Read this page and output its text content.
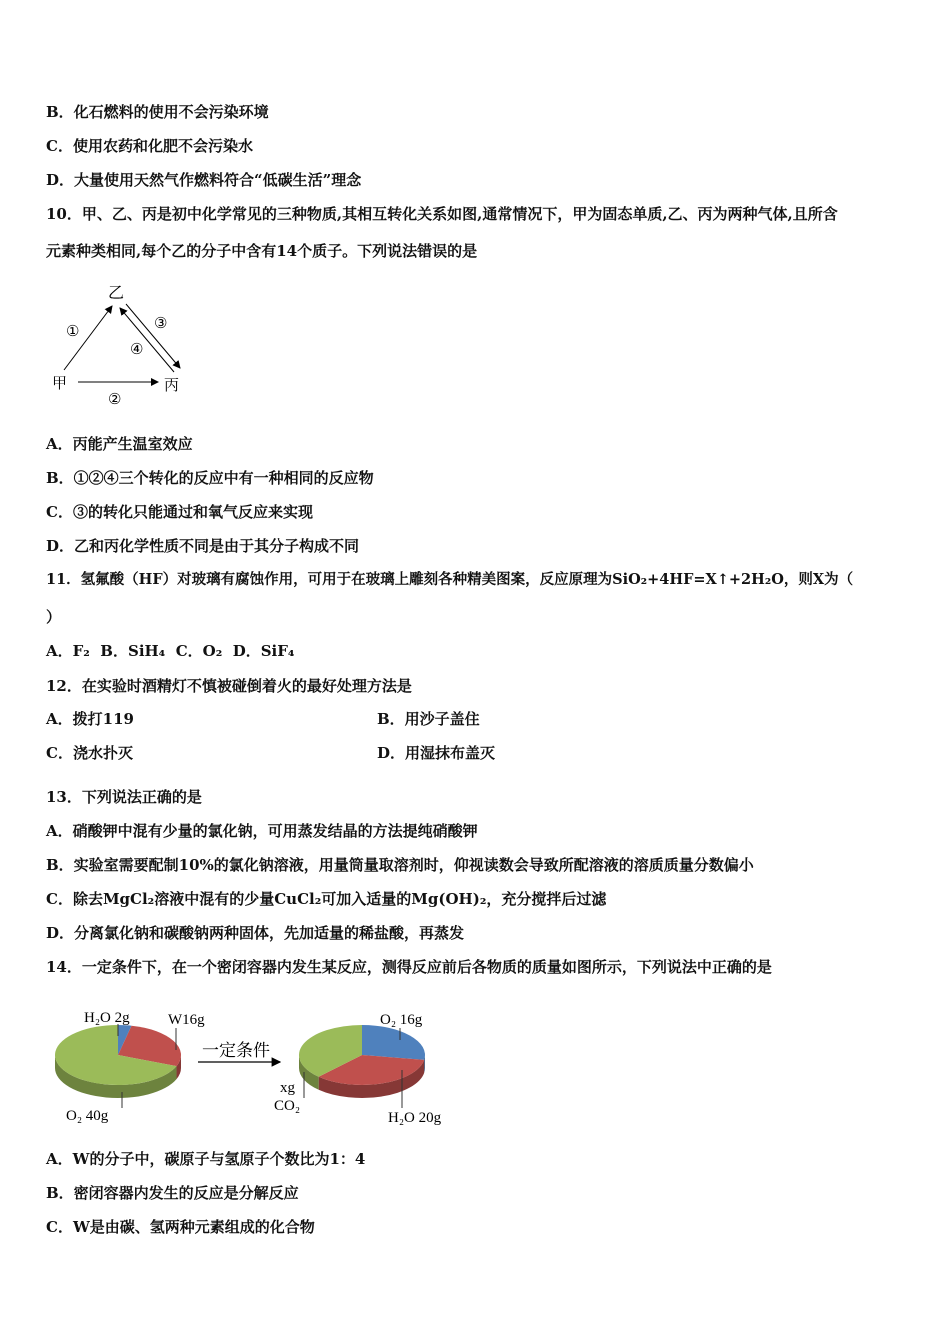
B．化石燃料的使用不会污染环境
C．使用农药和化肥不会污染水
D．大量使用天然气作燃料符合“低碳生活”理念
10．甲、乙、丙是初中化学常见的三种物质,其相互转化关系如图,通常情况下，甲为固态单质,乙、丙为两种气体,且所含
元素种类相同,每个乙的分子中含有14个质子。下列说法错误的是
乙
甲	丙
①	③
④
②
A．丙能产生温室效应
B．①②④三个转化的反应中有一种相同的反应物
C．③的转化只能通过和氧气反应来实现
D．乙和丙化学性质不同是由于其分子构成不同
11．氢氟酸（HF）对玻璃有腐蚀作用，可用于在玻璃上雕刻各种精美图案，反应原理为SiO₂+4HF=X↑+2H₂O，则X为（
）
A．F₂  B．SiH₄  C．O₂  D．SiF₄
12．在实验时酒精灯不慎被碰倒着火的最好处理方法是
A．拨打119	B．用沙子盖住
C．浇水扑灭	D．用湿抹布盖灭
13．下列说法正确的是
A．硝酸钾中混有少量的氯化钠，可用蒸发结晶的方法提纯硝酸钾
B．实验室需要配制10%的氯化钠溶液，用量筒量取溶剂时，仰视读数会导致所配溶液的溶质质量分数偏小
C．除去MgCl₂溶液中混有的少量CuCl₂可加入适量的Mg(OH)₂，充分搅拌后过滤
D．分离氯化钠和碳酸钠两种固体，先加适量的稀盐酸，再蒸发
14．一定条件下，在一个密闭容器内发生某反应，测得反应前后各物质的质量如图所示，下列说法中正确的是
一定条件
H₂O 2g	W16g
O₂ 40g
O₂ 16g
H₂O 20g
xg CO₂
A．W的分子中，碳原子与氢原子个数比为1：4
B．密闭容器内发生的反应是分解反应
C．W是由碳、氢两种元素组成的化合物
